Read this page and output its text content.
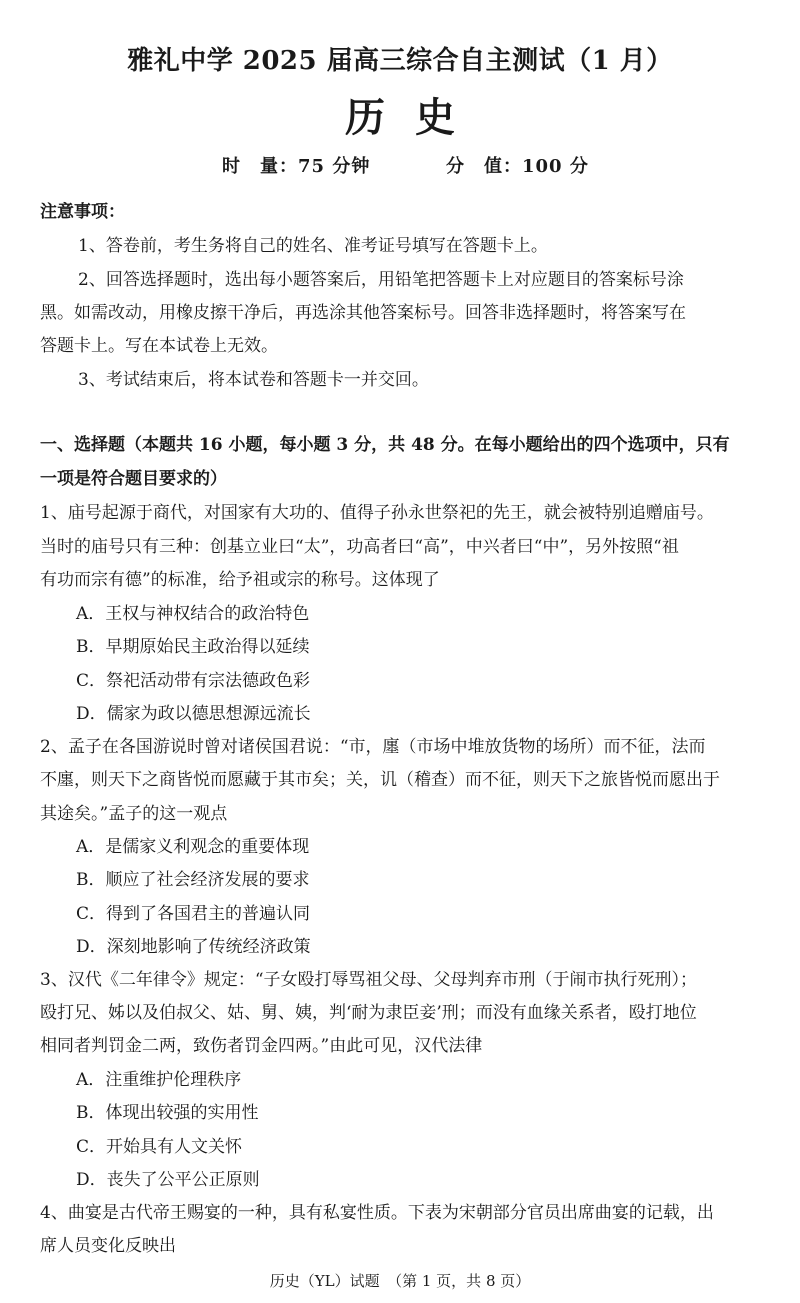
雅礼中学 2025 届高三综合自主测试（1 月）
历史
时　量：75 分钟	分　值：100 分
注意事项：
1、答卷前，考生务将自己的姓名、准考证号填写在答题卡上。
2、回答选择题时，选出每小题答案后，用铅笔把答题卡上对应题目的答案标号涂
黑。如需改动，用橡皮擦干净后，再选涂其他答案标号。回答非选择题时，将答案写在
答题卡上。写在本试卷上无效。
3、考试结束后，将本试卷和答题卡一并交回。
一、选择题（本题共 16 小题，每小题 3 分，共 48 分。在每小题给出的四个选项中，只有
一项是符合题目要求的）
1、庙号起源于商代，对国家有大功的、值得子孙永世祭祀的先王，就会被特别追赠庙号。
当时的庙号只有三种：创基立业曰“太”，功高者曰“高”，中兴者曰“中”，另外按照“祖
有功而宗有德”的标准，给予祖或宗的称号。这体现了
A．王权与神权结合的政治特色
B．早期原始民主政治得以延续
C．祭祀活动带有宗法德政色彩
D．儒家为政以德思想源远流长
2、孟子在各国游说时曾对诸侯国君说：“市，廛（市场中堆放货物的场所）而不征，法而
不廛，则天下之商皆悦而愿藏于其市矣；关，讥（稽查）而不征，则天下之旅皆悦而愿出于
其途矣。”孟子的这一观点
A．是儒家义利观念的重要体现
B．顺应了社会经济发展的要求
C．得到了各国君主的普遍认同
D．深刻地影响了传统经济政策
3、汉代《二年律令》规定：“子女殴打辱骂祖父母、父母判弃市刑（于闹市执行死刑）；
殴打兄、姊以及伯叔父、姑、舅、姨，判‘耐为隶臣妾’刑；而没有血缘关系者，殴打地位
相同者判罚金二两，致伤者罚金四两。”由此可见，汉代法律
A．注重维护伦理秩序
B．体现出较强的实用性
C．开始具有人文关怀
D．丧失了公平公正原则
4、曲宴是古代帝王赐宴的一种，具有私宴性质。下表为宋朝部分官员出席曲宴的记载，出
席人员变化反映出
历史（YL）试题　（第 1 页，共 8 页）
